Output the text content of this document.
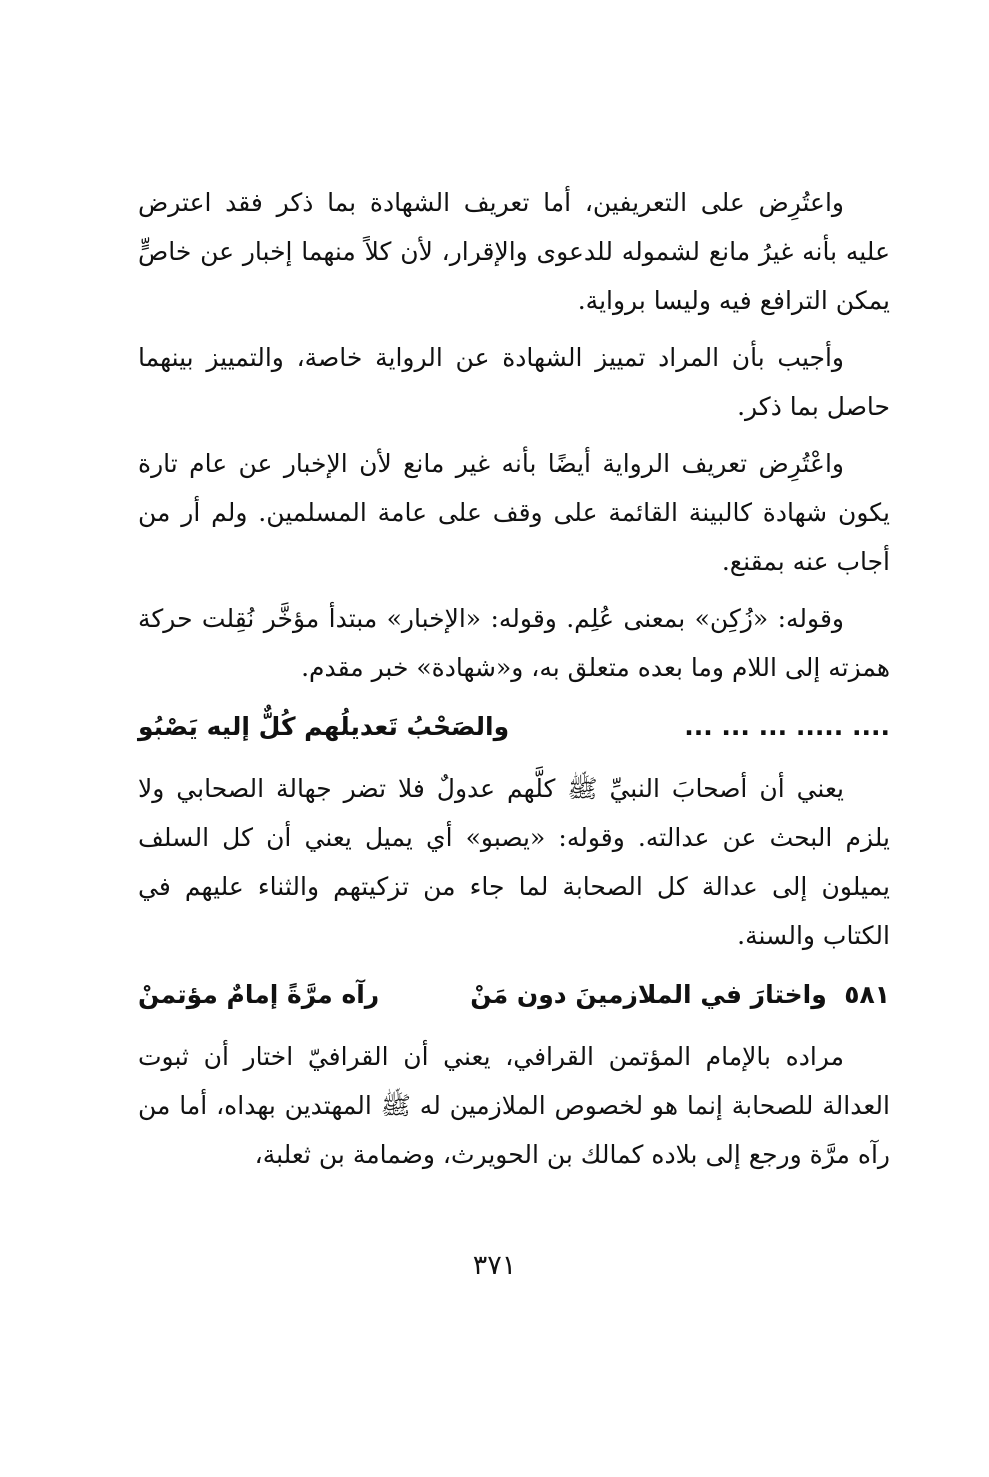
واعتُرِض على التعريفين، أما تعريف الشهادة بما ذكر فقد اعترض عليه بأنه غيرُ مانع لشموله للدعوى والإقرار، لأن كلاً منهما إخبار عن خاصٍّ يمكن الترافع فيه وليسا برواية.

وأجيب بأن المراد تمييز الشهادة عن الرواية خاصة، والتمييز بينهما حاصل بما ذكر.

واعْتُرِض تعريف الرواية أيضًا بأنه غير مانع لأن الإخبار عن عام تارة يكون شهادة كالبينة القائمة على وقف على عامة المسلمين. ولم أر من أجاب عنه بمقنع.

وقوله: «زُكِن» بمعنى عُلِم. وقوله: «الإخبار» مبتدأ مؤخَّر نُقِلت حركة همزته إلى اللام وما بعده متعلق به، و«شهادة» خبر مقدم.

.... ..... ... ... ...
والصَحْبُ تَعديلُهم كُلٌّ إليه يَصْبُو

يعني أن أصحابَ النبيِّ ﷺ كلَّهم عدولٌ فلا تضر جهالة الصحابي ولا يلزم البحث عن عدالته. وقوله: «يصبو» أي يميل يعني أن كل السلف يميلون إلى عدالة كل الصحابة لما جاء من تزكيتهم والثناء عليهم في الكتاب والسنة.

٥٨١  واختارَ في الملازمينَ دون مَنْ
رآه مرَّةً إمامٌ مؤتمنْ

مراده بالإمام المؤتمن القرافي، يعني أن القرافيّ اختار أن ثبوت العدالة للصحابة إنما هو لخصوص الملازمين له ﷺ المهتدين بهداه، أما من رآه مرَّة ورجع إلى بلاده كمالك بن الحويرث، وضمامة بن ثعلبة،

٣٧١
